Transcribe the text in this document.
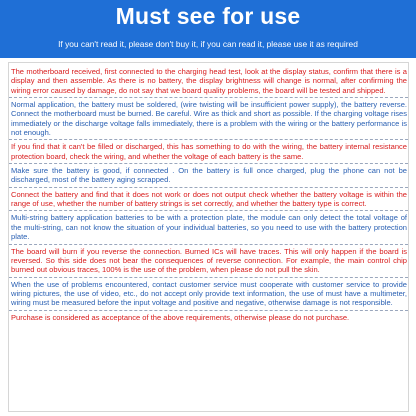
Must see for use
If you can't read it, please don't buy it, if you can read it, please use it as required

The motherboard received, first connected to the charging head test, look at the display status, confirm that there is a display and then assemble. As there is no battery, the display brightness will change is normal, after confirming the wiring error caused by damage, do not say that we board quality problems, the board will be tested and shipped.

Normal application, the battery must be soldered, (wire twisting will be insufficient power supply), the battery reverse. Connect the motherboard must be burned. Be careful. Wire as thick and short as possible. If the charging voltage rises immediately or the discharge voltage falls immediately, there is a problem with the wiring or the battery performance is not enough.

If you find that it can't be filled or discharged, this has something to do with the wiring, the battery internal resistance protection board, check the wiring, and whether the voltage of each battery is the same.

Make sure the battery is good, if connected . On the battery is full once charged, plug the phone can not be discharged, most of the battery aging scrapped.

Connect the battery and find that it does not work or does not output check whether the battery voltage is within the range of use, whether the number of battery strings is set correctly, and whether the battery type is correct.

Multi-string battery application batteries to be with a protection plate, the module can only detect the total voltage of the multi-string, can not know the situation of your individual batteries, so you need to use with the battery protection plate.

The board will burn if you reverse the connection. Burned ICs will have traces. This will only happen if the board is reversed. So this side does not bear the consequences of reverse connection. For example, the main control chip burned out obvious traces, 100% is the use of the problem, when please do not pull the skin.

When the use of problems encountered, contact customer service must cooperate with customer service to provide wiring pictures, the use of video, etc., do not accept only provide text information, the use of must have a multimeter, wiring must be measured before the input voltage and positive and negative, otherwise damage is not responsible.

Purchase is considered as acceptance of the above requirements, otherwise please do not purchase.
